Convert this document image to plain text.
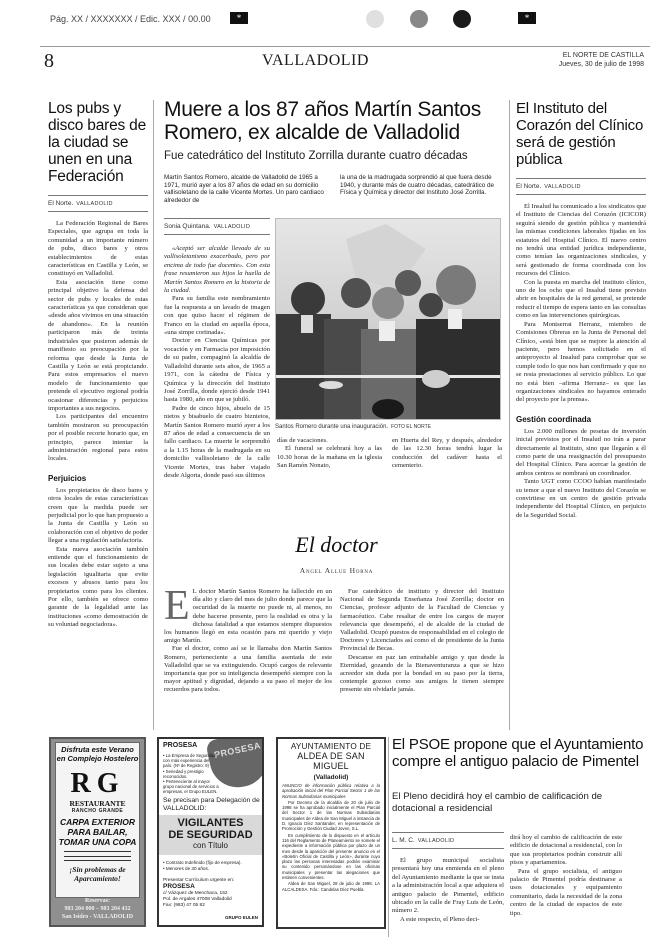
Pág. XX / XXXXXXX / Edic. XXX / 00.00	*	*
8	VALLADOLID	EL NORTE DE CASTILLA
Jueves, 30 de julio de 1998
Los pubs y disco bares de la ciudad se unen en una Federación
El Norte. VALLADOLID

La Federación Regional de Bares Especiales, que agrupa en toda la comunidad a un importante número de pubs, disco bares y otros establecimientos de estas características en Castilla y León, se constituyó en Valladolid.

Esta asociación tiene como principal objetivo la defensa del sector de pubs y locales de estas características ya que consideran que «desde años vivimos en una situación de abandono». En la reunión participaron más de treinta industriales que pusieron además de manifiesto su preocupación por la reforma que desde la Junta de Castilla y León se está propiciando. Para estos empresarios el nuevo modelo de funcionamiento que pretende el ejecutivo regional podría ocasionar diferencias y perjuicios importantes a sus negocios.

Los participantes del encuentro también mostraron su preocupación por el posible recorte horario que, en principio, parece intentar la administración regional para estos locales.

Perjuicios

Los propietarios de disco bares y otros locales de estas características creen que la medida puede ser perjudicial por lo que han propuesto a la Junta de Castilla y León su colaboración con el objetivo de poder llegar a una regulación satisfactoria.

Esta nueva asociación también entiende que el funcionamiento de sus locales debe estar sujeto a una legislación igualitaria que evite excesos y abusos tanto para los propietarios como para los clientes. Por ello, también se ofrece como garante de la legalidad ante las instituciones «como demostración de su voluntad negociadora».

Muere a los 87 años Martín Santos Romero, ex alcalde de Valladolid
Fue catedrático del Instituto Zorrilla durante cuatro décadas
Martín Santos Romero, alcalde de Valladolid de 1965 a 1971, murió ayer a los 87 años de edad en su domicilio vallisoletano de la calle Vicente Mortes. Un paro cardiaco alrededor de
la una de la madrugada sorprendió al que fuera desde 1940, y durante más de cuatro décadas, catedrático de Física y Química y director del Instituto José Zorrilla.
Sonia Quintana. VALLADOLID

«Aceptó ser alcalde llevado de su vallisoletanismo exacerbado, pero por encima de todo fue docente». Con esta frase resumieron sus hijos la huella de Martín Santos Romero en la historia de la ciudad.

Para su familia este nombramiento fue la respuesta a un lavado de imagen con que quiso hacer el régimen de Franco en la ciudad en aquella época, «una simpe cortinada».

Doctor en Ciencias Químicas por vocación y en Farmacia por imposición de su padre, compaginó la alcaldía de Valladolid durante seis años, de 1965 a 1971, con la cátedra de Física y Química y la dirección del Instituto José Zorrilla, donde ejerció desde 1941 hasta 1980, año en que se jubiló.

Padre de cinco hijos, abuelo de 15 nietos y bisabuelo de cuatro biznietos, Martín Santos Romero murió ayer a los 87 años de edad a consecuencia de un fallo cardiaco. La muerte le sorprendió a la 1.15 horas de la madrugada en su domicilio vallisoletano de la calle Vicente Mortes, tras haber viajado desde Algorta, donde pasó sus últimos

Santos Romero durante una inauguración. FOTO EL NORTE

días de vacaciones.

El funeral se celebrará hoy a las 10.30 horas de la mañana en la iglesia San Ramón Nonato,

en Huerta del Rey, y después, alrededor de las 12.30 horas tendrá lugar la conducción del cadáver hasta el cementerio.

El doctor
Angel Allue Horna
E L doctor Martín Santos Romero ha fallecido en un día alto y claro del mes de julio donde parece que la oscuridad de la muerte no puede ni, al menos, no debe hacerse presente, pero la realidad es otra y la dichosa fatalidad a que estamos siempre dispuestos los humanos llegó en esta ocasión para mi querido y viejo amigo Martín.

Fue el doctor, como así se le llamaba don Martín Santos Romero, perteneciente a una familia asentada de este Valladolid que se va extinguiendo. Ocupó cargos de relevante importancia que por su inteligencia desempeñó siempre con la mayor aptitud y dignidad, dejando a su paso el mejor de los recuerdos para todos.

Fue catedrático de instituto y director del Instituto Nacional de Segunda Enseñanza José Zorrilla; doctor en Ciencias, profesor adjunto de la Facultad de Ciencias y farmacéutico. Cabe resaltar de entre los cargos de mayor relevancia que desempeñó, el de alcalde de la ciudad de Valladolid. Ocupó puestos de responsabilidad en el colegio de Doctores y Licenciados así como el de presidente de la Junta Provincial de Becas.

Descanse en paz tan entrañable amigo y que desde la Eternidad, gozando de la Bienaventuranza a que se hizo acreedor sin duda por la bondad en su paso por la tierra, contemple gozoso como sus amigos le tienen siempre presente sin olvidarle jamás.

El Instituto del Corazón del Clínico será de gestión pública
El Norte. VALLADOLID

El Insalud ha comunicado a los sindicatos que el Instituto de Ciencias del Corazón (ICICOR) seguirá siendo de gestión pública y mantendrá las mismas condiciones laborales fijadas en los estatutos del Hospital Clínico. El nuevo centro no tendrá una entidad jurídica independiente, como temían las organizaciones sindicales, y será gestionado de forma coordinada con los recursos del Clínico.

Con la puesta en marcha del instituto clínico, uno de los ocho que el Insalud tiene previsto abrir en hospitales de la red general, se pretende reducir el tiempo de espera tanto en las consultas como en las intervenciones quirúrgicas.

Para Montserrat Herranz, miembro de Comisiones Obreras en la Junta de Personal del Clínico, «está bien que se mejore la atención al paciente, pero hemos solicitado en el anteproyecto al Insalud para comprobar que se cumple todo lo que nos han confirmado y que no se resta prestaciones al servicio público. Lo que no está bien –afirma Herranz– es que las organizaciones sindicales no hayamos enterado del proyecto por la prensa».

Gestión coordinada

Los 2.000 millones de pesetas de inversión inicial previstos por el Insalud no irán a parar directamente al Instituto, sino que llegarán a él como parte de una reasignación del presupuesto del Hospital Clínico. Para acercar la gestión de ambos centros se nombrará un coordinador.

Tanto UGT como CCOO habían manifestado su temor a que el nuevo Instituto del Corazón se convirtiese en un centro de gestión privada independiente del Hospital Clínico, en perjuicio de la Seguridad Social.

Disfruta este Verano en Complejo Hostelero
RG
RESTAURANTE
RANCHO GRANDE
CARPA EXTERIOR PARA BAILAR, TOMAR UNA COPA
¡Sin problemas de Aparcamiento!
Reservas:
983 204 000 – 983 204 432
San Isidro - VALLADOLID
PROSESA
PROSESA
• La Empresa de Seguridad con más experiencia del país. (Nº de Registro: 9)
• Seriedad y prestigio reconocidos.
• Perteneciente al mayor grupo nacional de servicios a empresas, el Grupo EULEN.
Se precisan para Delegación de VALLADOLID:
VIGILANTES
DE SEGURIDAD
con Título
• Contrato Indefinido (fijo de empresa).
• Menores de 30 años.
Presentar Currículum urgente en:
PROSESA
c/ Vázquez de Menchaca, 152
Pol. de Argales 47008 Valladolid
Fax: (983) 47 05 82
GRUPO EULEN
AYUNTAMIENTO DE
ALDEA DE SAN MIGUEL
(Valladolid)

ANUNCIO de información pública relativa a la aprobación inicial del Plan Parcial Sector 1 de las Normas Subsidiarias municipales

Por Decreto de la alcaldía de 20 de julio de 1998 se ha aprobado inicialmente el Plan Parcial del Sector 1 de las Normas Subsidiarias municipales de Aldea de San Miguel a instancia de D. Ignacio Díez Santander, en representación de Promoción y Gestión Ciudad Joven, S.L.

En cumplimiento de lo dispuesto en el artículo 116 del Reglamento de Planeamiento se somete el expediente a información pública por plazo de un mes desde la aparición del presente anuncio en el «Boletín Oficial de Castilla y León», durante cuyo plazo las personas interesadas podrán examinar su contenido personándose en las oficinas municipales y presentar las alegaciones que estimen convenientes.

Aldea de San Miguel, 28 de julio de 1998. LA ALCALDESA. Fdo.: Candelas Díez Puebla.

El PSOE propone que el Ayuntamiento compre el antiguo palacio de Pimentel
El Pleno decidirá hoy el cambio de calificación de dotacional a residencial
L. M. C. VALLADOLID

El grupo municipal socialista presentará hoy una enmienda en el pleno del Ayuntamiento mediante la que se insta a la administración local a que adquiera el antiguo palacio de Pimentel, edificio ubicado en la calle de Fray Luis de León, número 2.

A este respecto, el Pleno deci-

dirá hoy el cambio de calificación de este edificio de dotacional a residencial, con lo que sus propietarios podrán construir allí pisos y apartamentos.

Para el grupo socialista, el antiguo palacio de Pimentel podría destinarse a usos dotacionales y equipamiento comunitario, dada la necesidad de la zona centro de la ciudad de espacios de este tipo.
